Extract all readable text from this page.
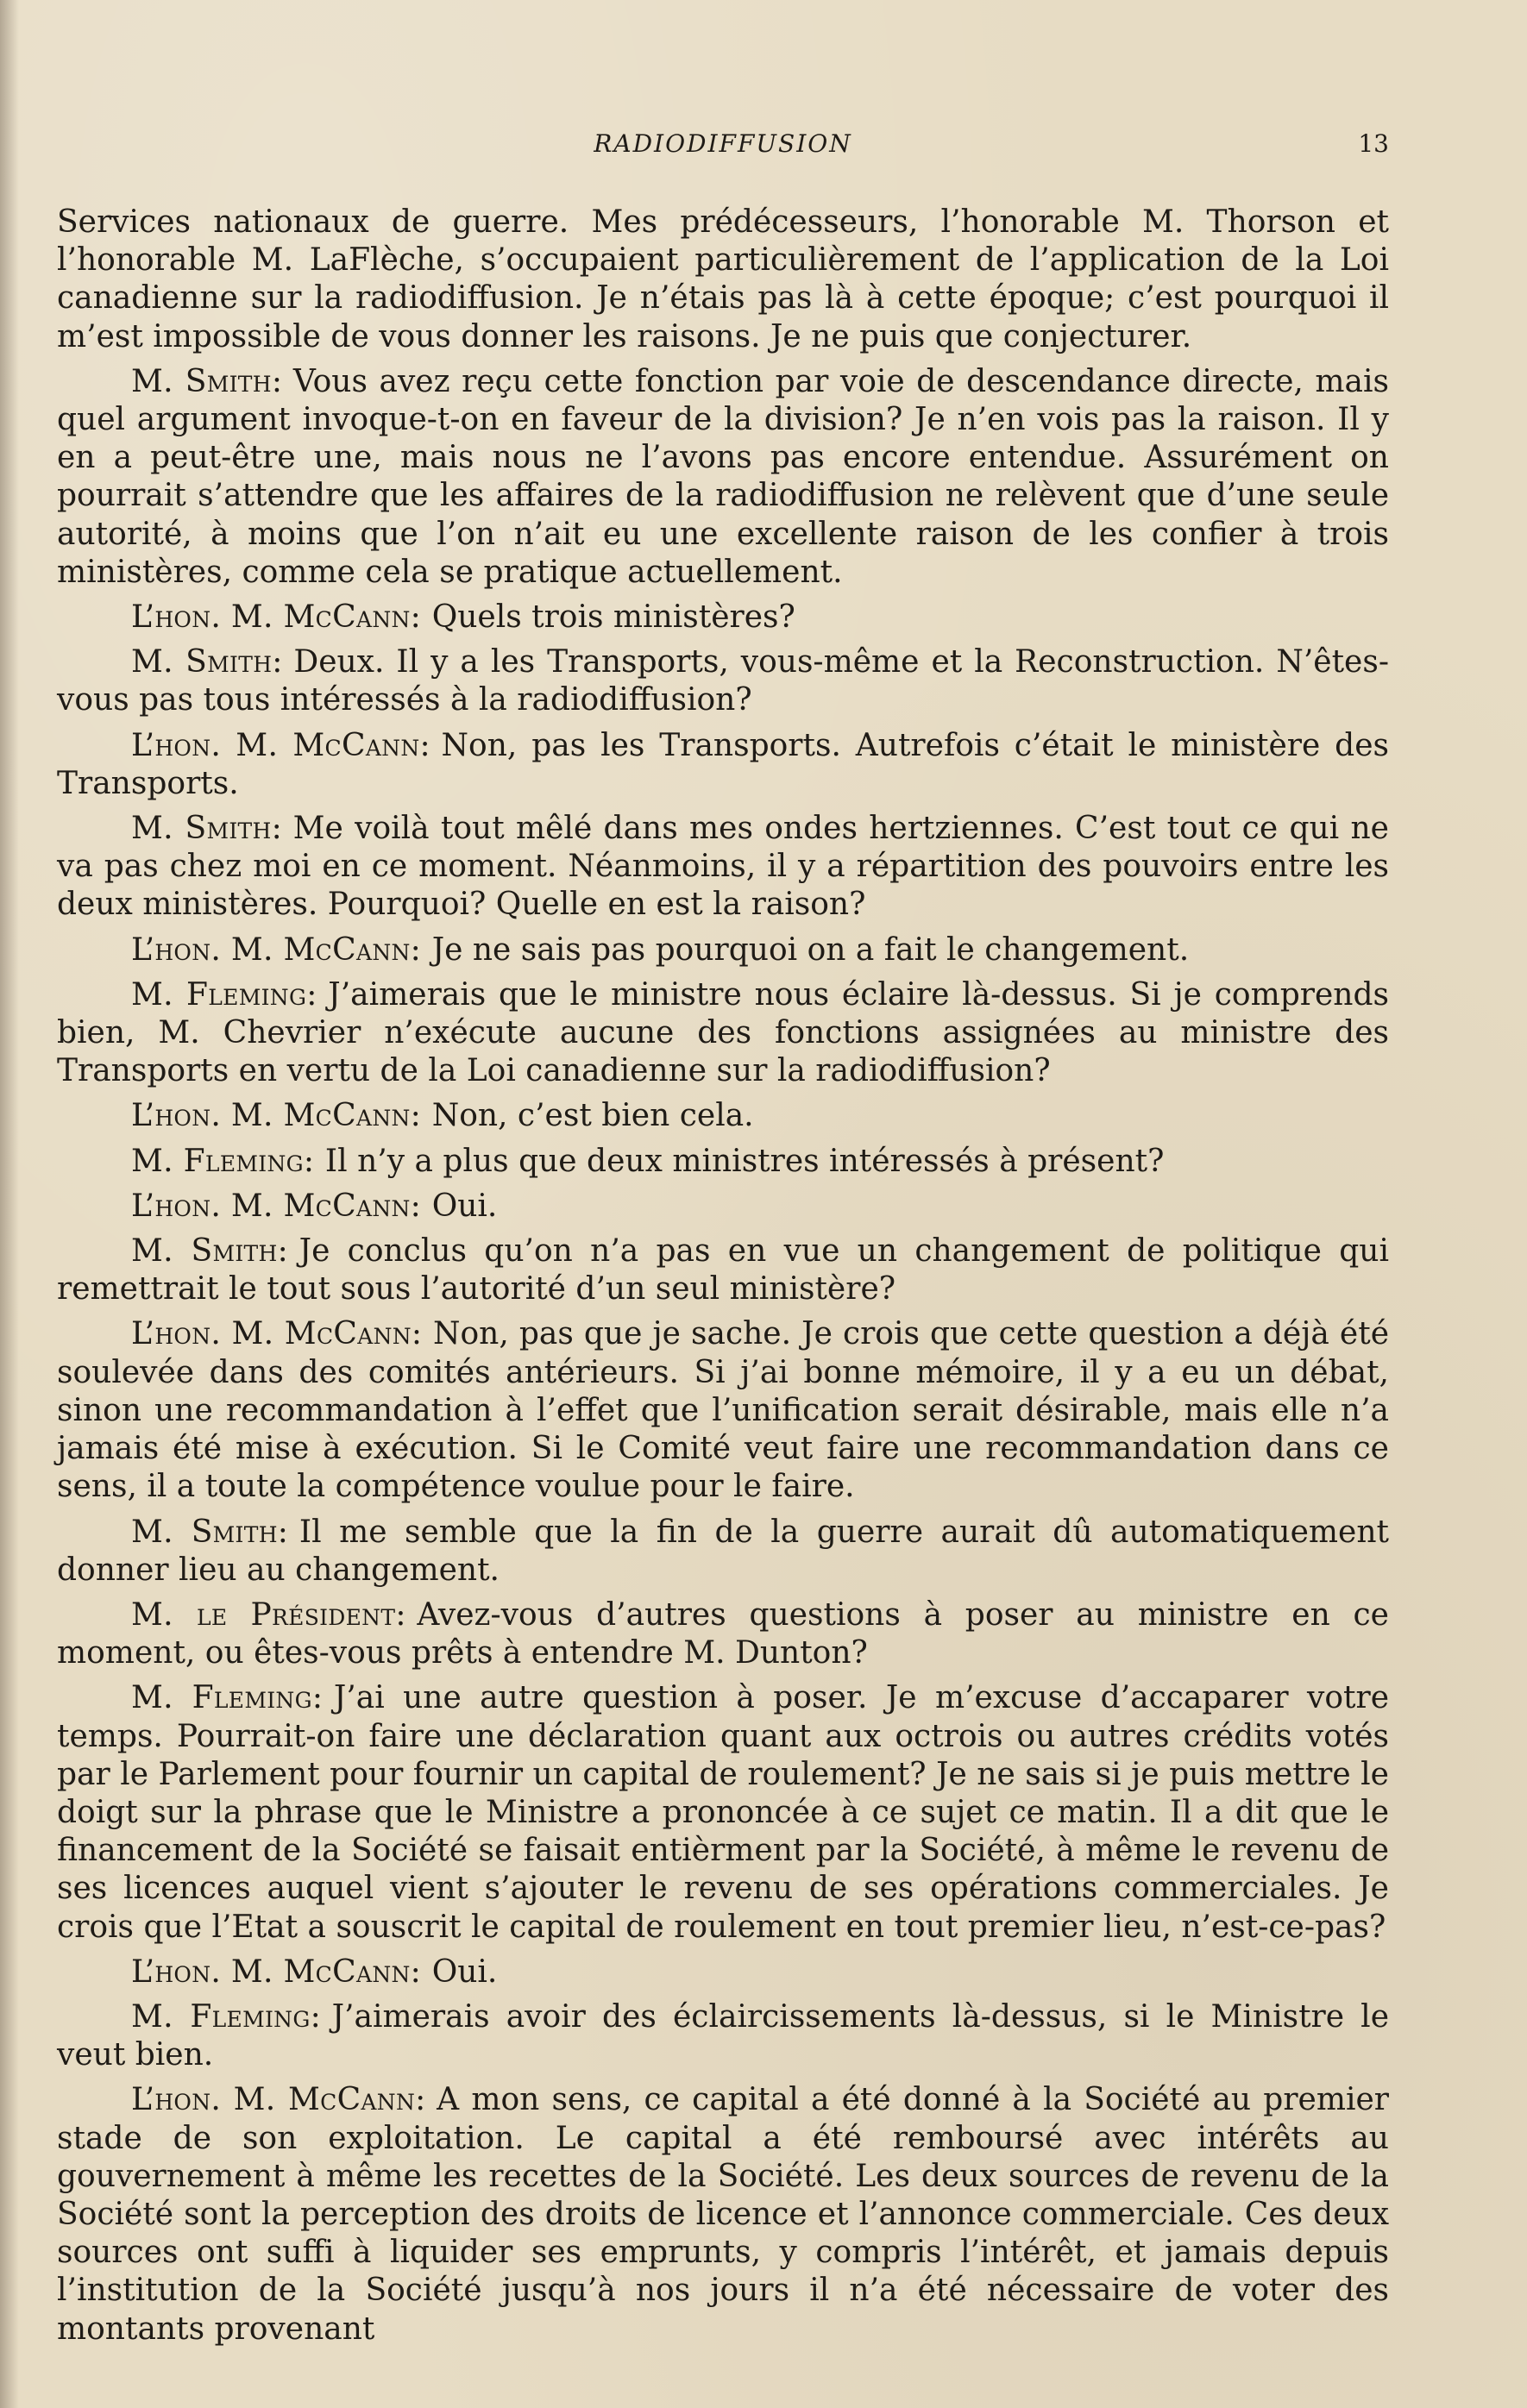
RADIODIFFUSION	13

Services nationaux de guerre. Mes prédécesseurs, l’honorable M. Thorson et l’honorable M. LaFlèche, s’occupaient particulièrement de l’application de la Loi canadienne sur la radiodiffusion. Je n’étais pas là à cette époque; c’est pourquoi il m’est impossible de vous donner les raisons. Je ne puis que conjecturer.

M. Smith: Vous avez reçu cette fonction par voie de descendance directe, mais quel argument invoque-t-on en faveur de la division? Je n’en vois pas la raison. Il y en a peut-être une, mais nous ne l’avons pas encore entendue. Assurément on pourrait s’attendre que les affaires de la radiodiffusion ne relèvent que d’une seule autorité, à moins que l’on n’ait eu une excellente raison de les confier à trois ministères, comme cela se pratique actuellement.

L’hon. M. McCann: Quels trois ministères?

M. Smith: Deux. Il y a les Transports, vous-même et la Reconstruction. N’êtes-vous pas tous intéressés à la radiodiffusion?

L’hon. M. McCann: Non, pas les Transports. Autrefois c’était le ministère des Transports.

M. Smith: Me voilà tout mêlé dans mes ondes hertziennes. C’est tout ce qui ne va pas chez moi en ce moment. Néanmoins, il y a répartition des pouvoirs entre les deux ministères. Pourquoi? Quelle en est la raison?

L’hon. M. McCann: Je ne sais pas pourquoi on a fait le changement.

M. Fleming: J’aimerais que le ministre nous éclaire là-dessus. Si je comprends bien, M. Chevrier n’exécute aucune des fonctions assignées au ministre des Transports en vertu de la Loi canadienne sur la radiodiffusion?

L’hon. M. McCann: Non, c’est bien cela.

M. Fleming: Il n’y a plus que deux ministres intéressés à présent?

L’hon. M. McCann: Oui.

M. Smith: Je conclus qu’on n’a pas en vue un changement de politique qui remettrait le tout sous l’autorité d’un seul ministère?

L’hon. M. McCann: Non, pas que je sache. Je crois que cette question a déjà été soulevée dans des comités antérieurs. Si j’ai bonne mémoire, il y a eu un débat, sinon une recommandation à l’effet que l’unification serait désirable, mais elle n’a jamais été mise à exécution. Si le Comité veut faire une recommandation dans ce sens, il a toute la compétence voulue pour le faire.

M. Smith: Il me semble que la fin de la guerre aurait dû automatiquement donner lieu au changement.

M. le Président: Avez-vous d’autres questions à poser au ministre en ce moment, ou êtes-vous prêts à entendre M. Dunton?

M. Fleming: J’ai une autre question à poser. Je m’excuse d’accaparer votre temps. Pourrait-on faire une déclaration quant aux octrois ou autres crédits votés par le Parlement pour fournir un capital de roulement? Je ne sais si je puis mettre le doigt sur la phrase que le Ministre a prononcée à ce sujet ce matin. Il a dit que le financement de la Société se faisait entièrment par la Société, à même le revenu de ses licences auquel vient s’ajouter le revenu de ses opérations commerciales. Je crois que l’Etat a souscrit le capital de roulement en tout premier lieu, n’est-ce-pas?

L’hon. M. McCann: Oui.

M. Fleming: J’aimerais avoir des éclaircissements là-dessus, si le Ministre le veut bien.

L’hon. M. McCann: A mon sens, ce capital a été donné à la Société au premier stade de son exploitation. Le capital a été remboursé avec intérêts au gouvernement à même les recettes de la Société. Les deux sources de revenu de la Société sont la perception des droits de licence et l’annonce commerciale. Ces deux sources ont suffi à liquider ses emprunts, y compris l’intérêt, et jamais depuis l’institution de la Société jusqu’à nos jours il n’a été nécessaire de voter des montants provenant
